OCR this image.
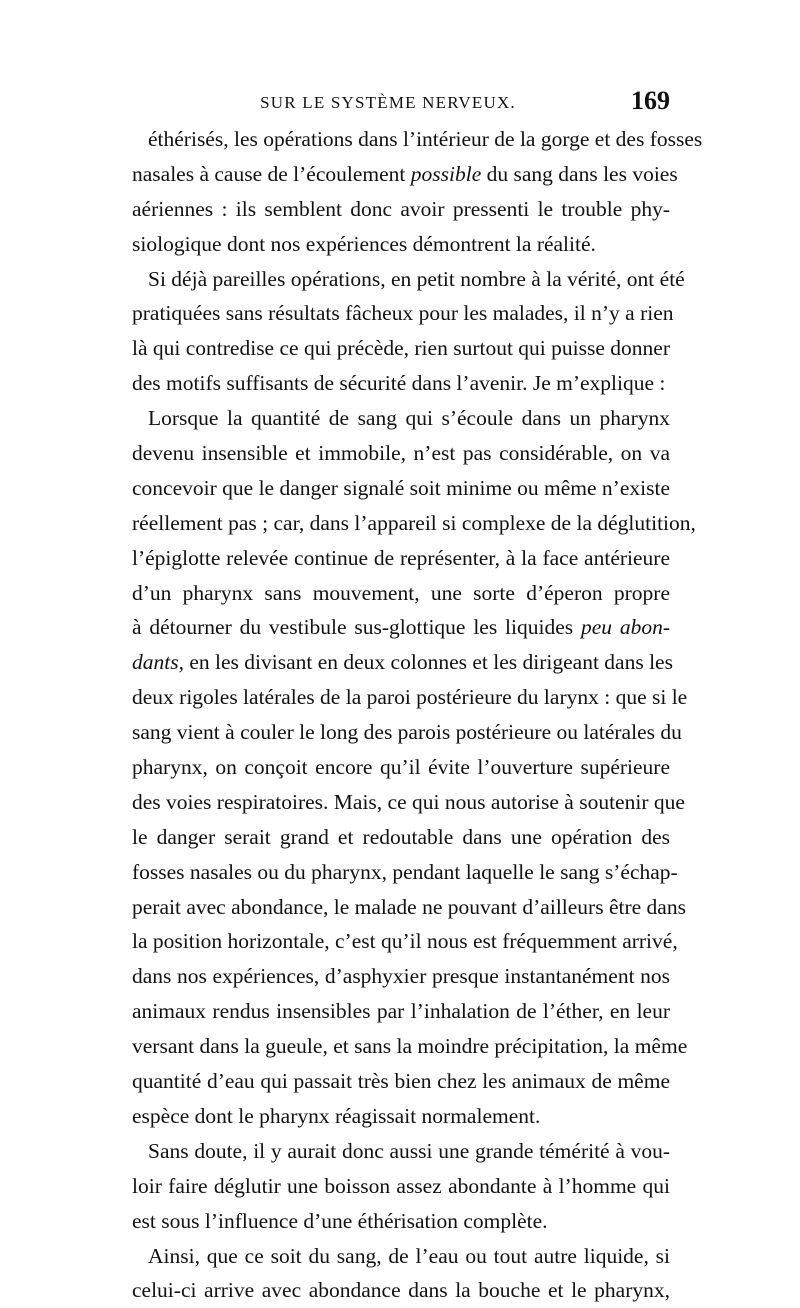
SUR LE SYSTÈME NERVEUX.	169
éthérisés, les opérations dans l’intérieur de la gorge et des fosses
nasales à cause de l’écoulement possible du sang dans les voies
aériennes : ils semblent donc avoir pressenti le trouble phy-
siologique dont nos expériences démontrent la réalité.
Si déjà pareilles opérations, en petit nombre à la vérité, ont été
pratiquées sans résultats fâcheux pour les malades, il n’y a rien
là qui contredise ce qui précède, rien surtout qui puisse donner
des motifs suffisants de sécurité dans l’avenir. Je m’explique :
Lorsque la quantité de sang qui s’écoule dans un pharynx
devenu insensible et immobile, n’est pas considérable, on va
concevoir que le danger signalé soit minime ou même n’existe
réellement pas ; car, dans l’appareil si complexe de la déglutition,
l’épiglotte relevée continue de représenter, à la face antérieure
d’un pharynx sans mouvement, une sorte d’éperon propre
à détourner du vestibule sus-glottique les liquides peu abon-
dants, en les divisant en deux colonnes et les dirigeant dans les
deux rigoles latérales de la paroi postérieure du larynx : que si le
sang vient à couler le long des parois postérieure ou latérales du
pharynx, on conçoit encore qu’il évite l’ouverture supérieure
des voies respiratoires. Mais, ce qui nous autorise à soutenir que
le danger serait grand et redoutable dans une opération des
fosses nasales ou du pharynx, pendant laquelle le sang s’échap-
perait avec abondance, le malade ne pouvant d’ailleurs être dans
la position horizontale, c’est qu’il nous est fréquemment arrivé,
dans nos expériences, d’asphyxier presque instantanément nos
animaux rendus insensibles par l’inhalation de l’éther, en leur
versant dans la gueule, et sans la moindre précipitation, la même
quantité d’eau qui passait très bien chez les animaux de même
espèce dont le pharynx réagissait normalement.
Sans doute, il y aurait donc aussi une grande témérité à vou-
loir faire déglutir une boisson assez abondante à l’homme qui
est sous l’influence d’une éthérisation complète.
Ainsi, que ce soit du sang, de l’eau ou tout autre liquide, si
celui-ci arrive avec abondance dans la bouche et le pharynx,
